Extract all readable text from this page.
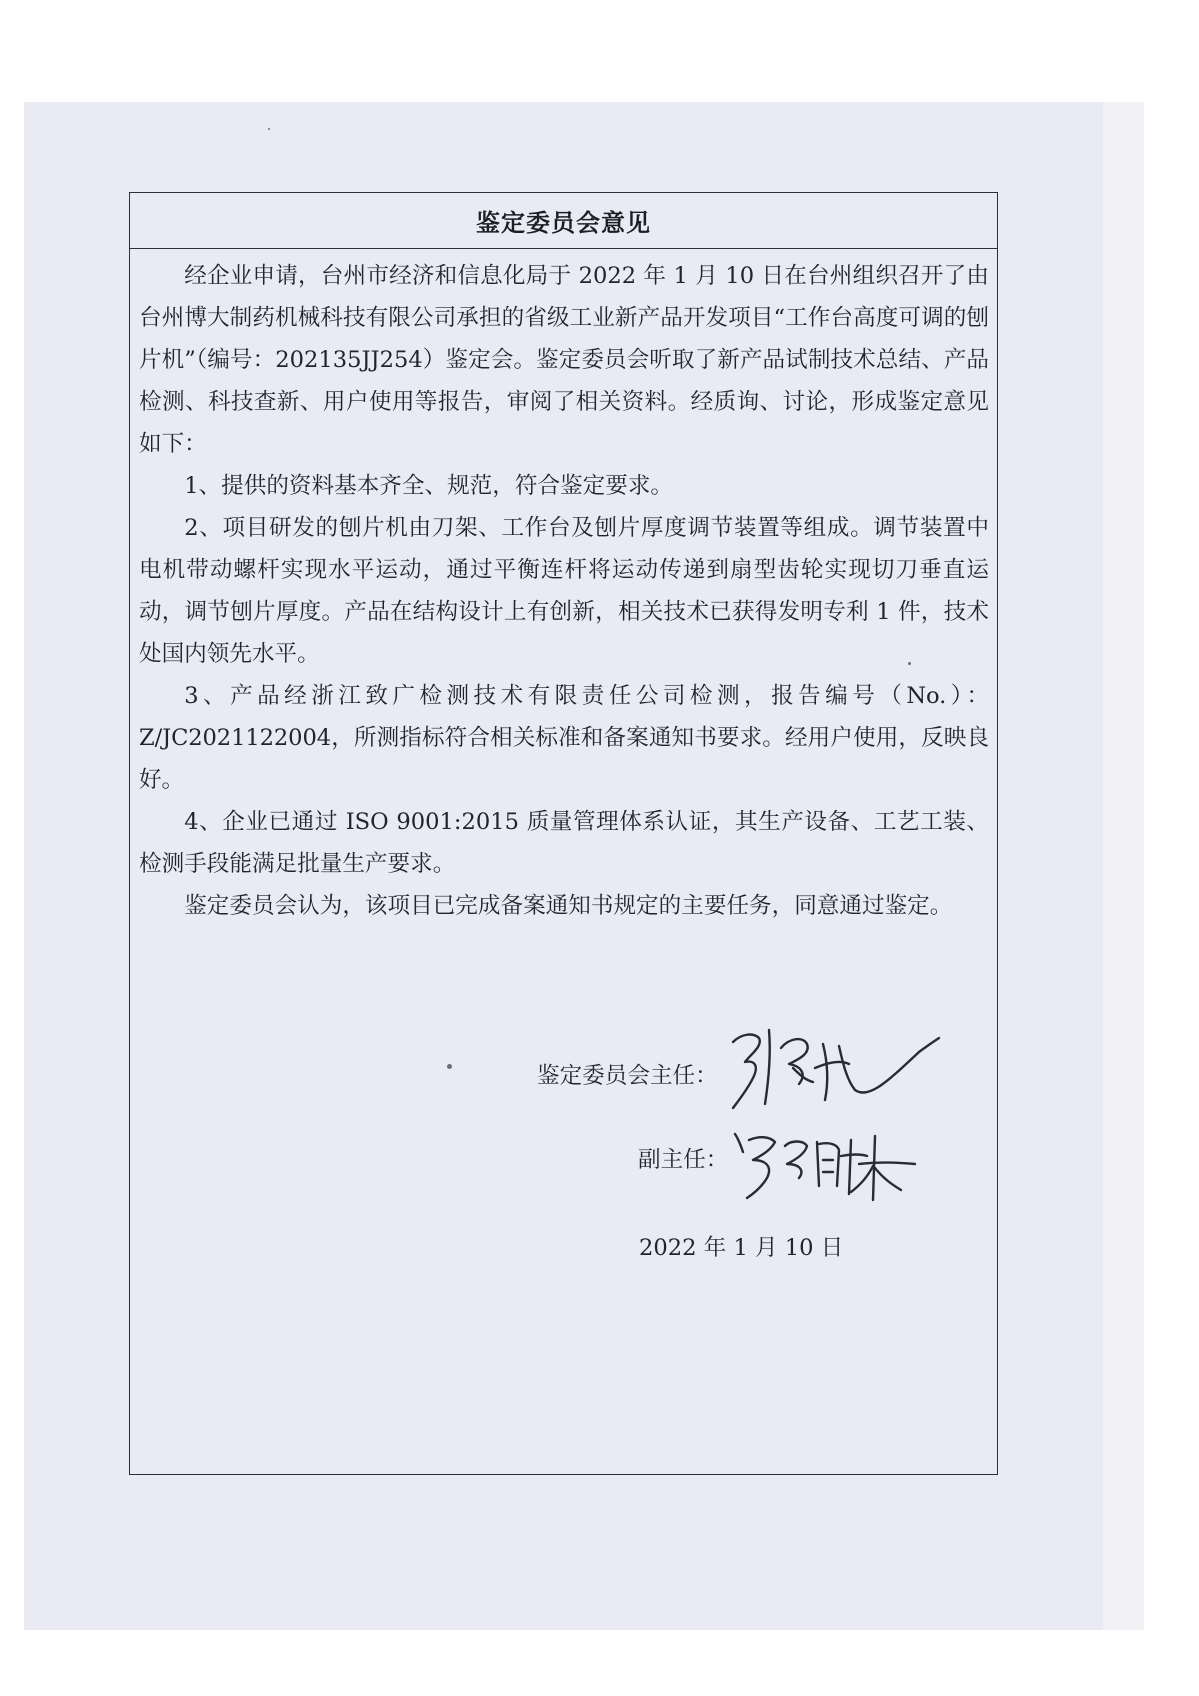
鉴定委员会意见

经企业申请，台州市经济和信息化局于 2022 年 1 月 10 日在台州组织召开了由台州博大制药机械科技有限公司承担的省级工业新产品开发项目“工作台高度可调的刨片机”（编号：202135JJ254）鉴定会。鉴定委员会听取了新产品试制技术总结、产品检测、科技查新、用户使用等报告，审阅了相关资料。经质询、讨论，形成鉴定意见如下：

1、提供的资料基本齐全、规范，符合鉴定要求。

2、项目研发的刨片机由刀架、工作台及刨片厚度调节装置等组成。调节装置中电机带动螺杆实现水平运动，通过平衡连杆将运动传递到扇型齿轮实现切刀垂直运动，调节刨片厚度。产品在结构设计上有创新，相关技术已获得发明专利 1 件，技术处国内领先水平。

3、产品经浙江致广检测技术有限责任公司检测，报告编号（No.）：Z/JC2021122004，所测指标符合相关标准和备案通知书要求。经用户使用，反映良好。

4、企业已通过 ISO 9001:2015 质量管理体系认证，其生产设备、工艺工装、检测手段能满足批量生产要求。

鉴定委员会认为，该项目已完成备案通知书规定的主要任务，同意通过鉴定。

鉴定委员会主任：
副主任：
2022 年 1 月 10 日
